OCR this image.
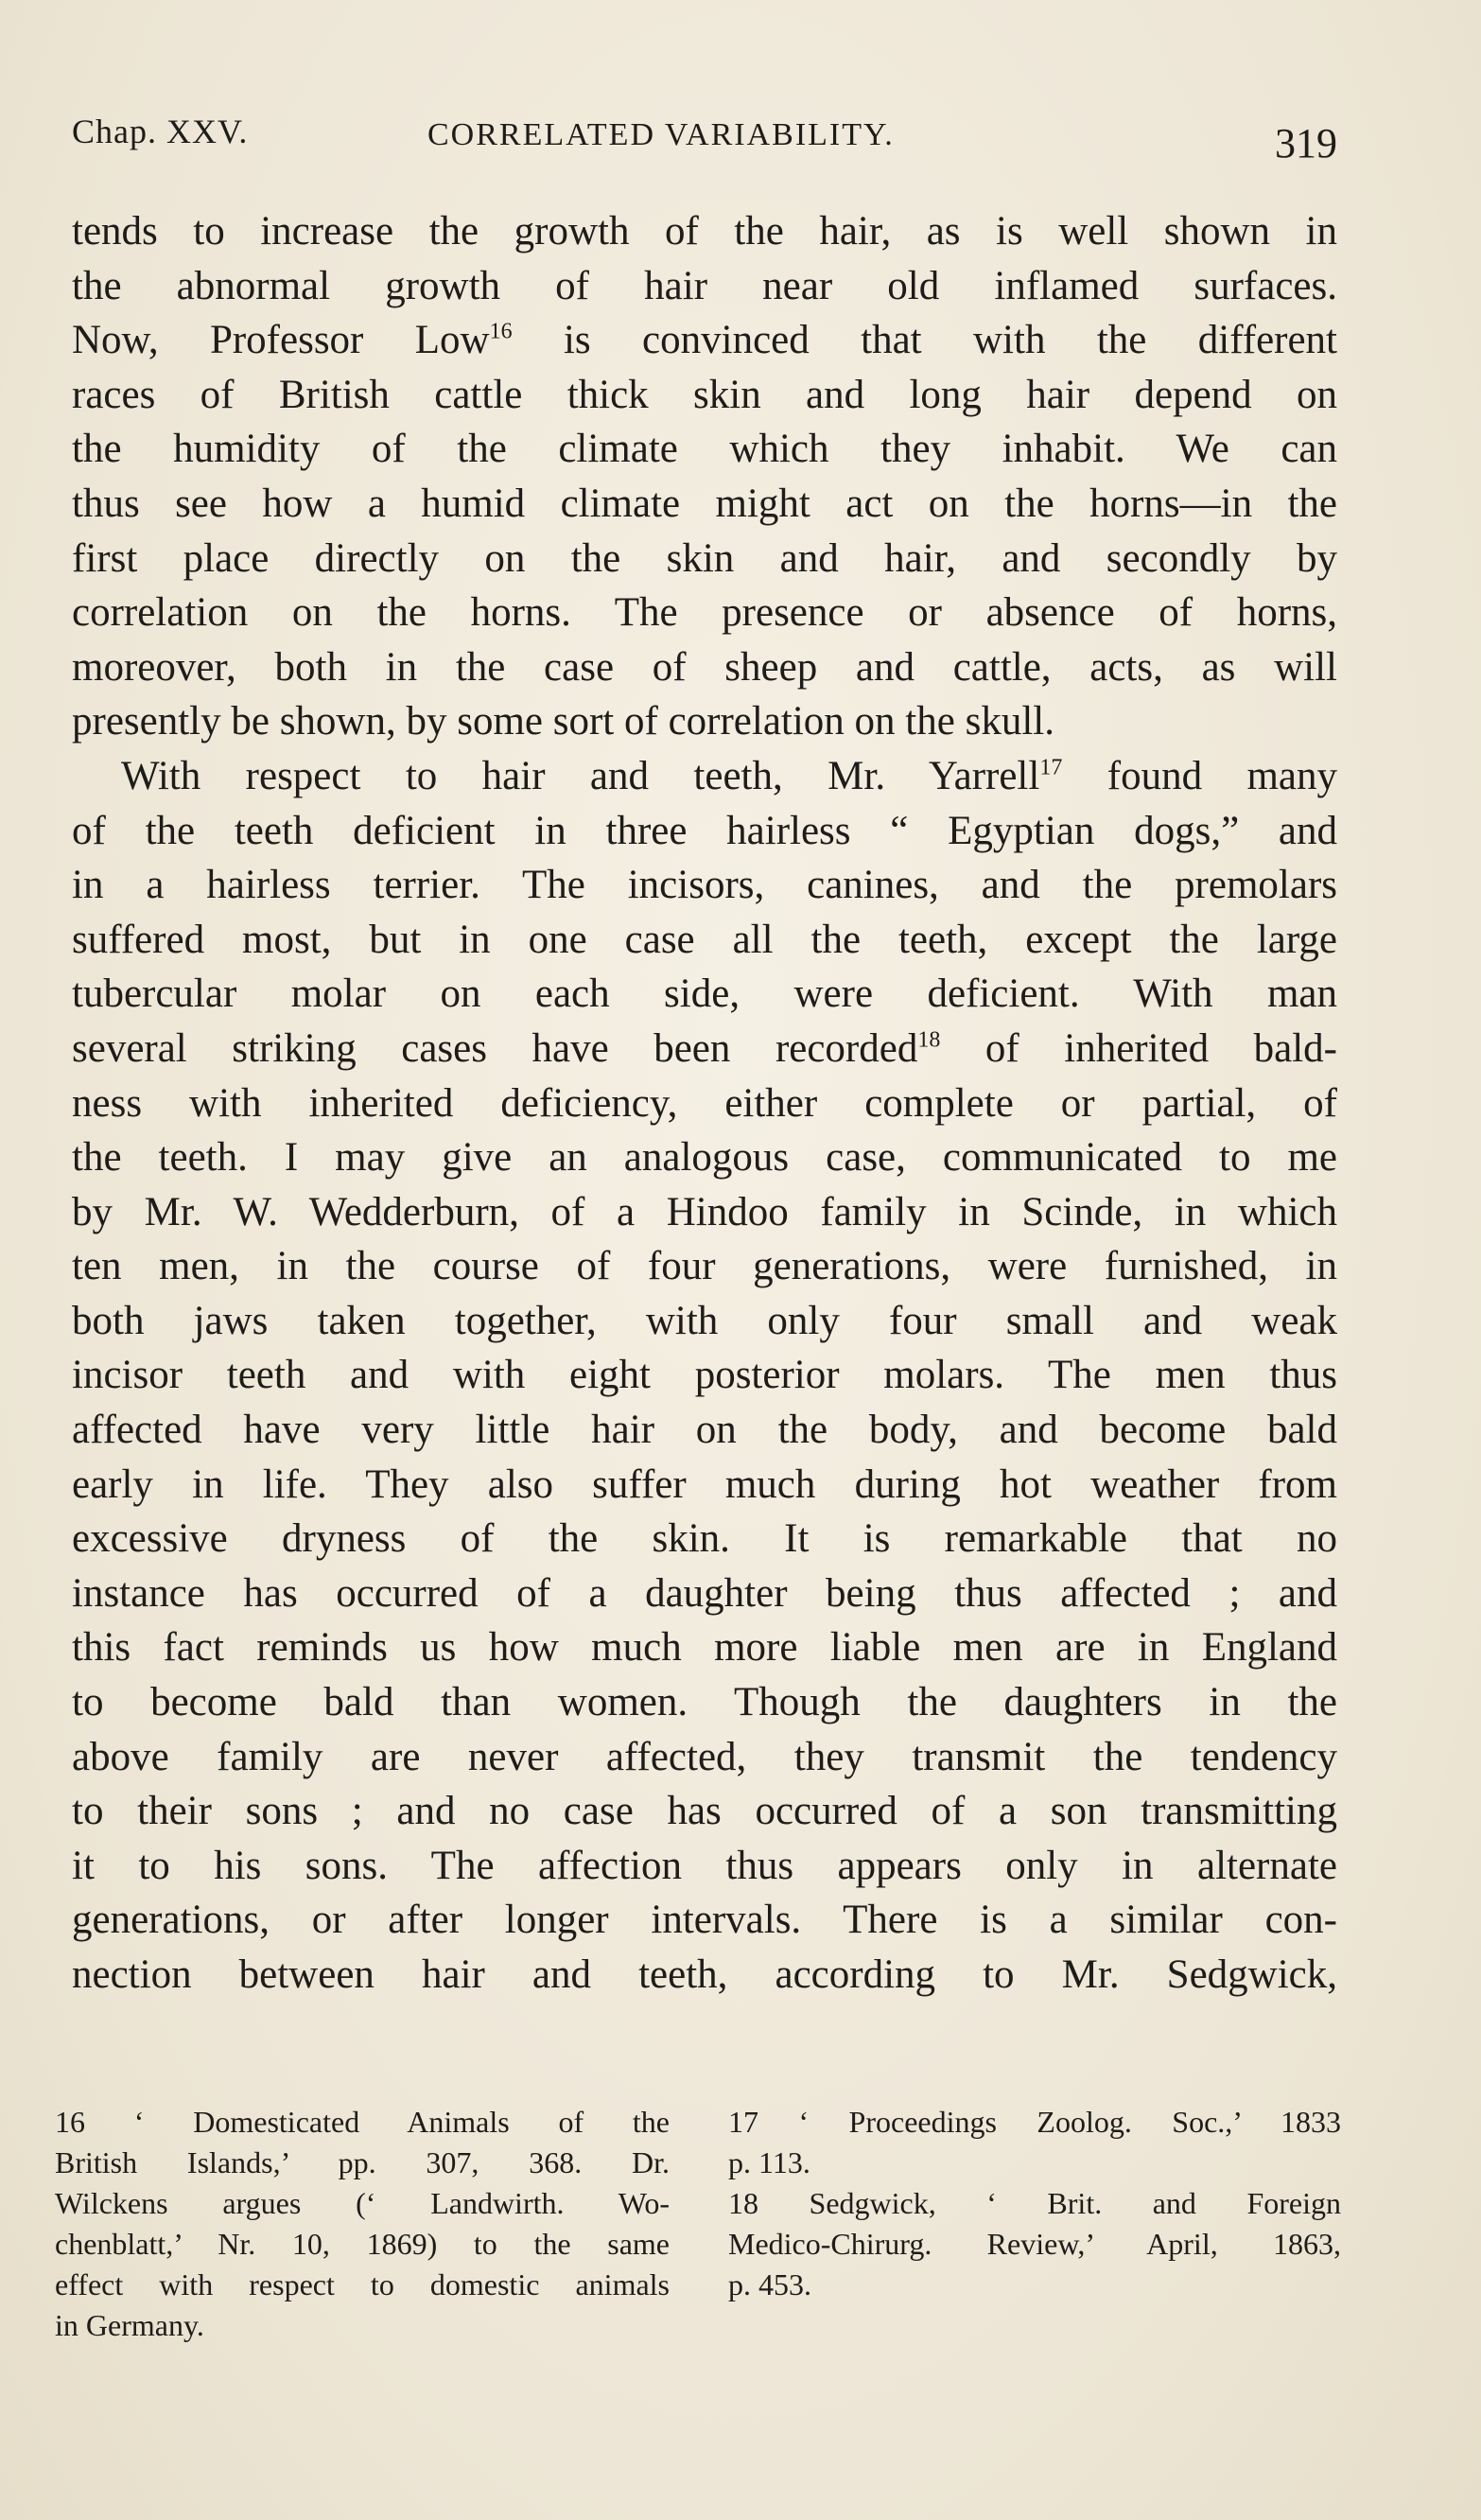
Chap. XXV.	CORRELATED VARIABILITY.	319
tends to increase the growth of the hair, as is well shown in
the abnormal growth of hair near old inflamed surfaces.
Now, Professor Low$^{16}$ is convinced that with the different
races of British cattle thick skin and long hair depend on
the humidity of the climate which they inhabit. We can
thus see how a humid climate might act on the horns—in the
first place directly on the skin and hair, and secondly by
correlation on the horns. The presence or absence of horns,
moreover, both in the case of sheep and cattle, acts, as will
presently be shown, by some sort of correlation on the skull.
With respect to hair and teeth, Mr. Yarrell$^{17}$ found many
of the teeth deficient in three hairless “ Egyptian dogs,” and
in a hairless terrier. The incisors, canines, and the premolars
suffered most, but in one case all the teeth, except the large
tubercular molar on each side, were deficient. With man
several striking cases have been recorded$^{18}$ of inherited bald-
ness with inherited deficiency, either complete or partial, of
the teeth. I may give an analogous case, communicated to me
by Mr. W. Wedderburn, of a Hindoo family in Scinde, in which
ten men, in the course of four generations, were furnished, in
both jaws taken together, with only four small and weak
incisor teeth and with eight posterior molars. The men thus
affected have very little hair on the body, and become bald
early in life. They also suffer much during hot weather from
excessive dryness of the skin. It is remarkable that no
instance has occurred of a daughter being thus affected ; and
this fact reminds us how much more liable men are in England
to become bald than women. Though the daughters in the
above family are never affected, they transmit the tendency
to their sons ; and no case has occurred of a son transmitting
it to his sons. The affection thus appears only in alternate
generations, or after longer intervals. There is a similar con-
nection between hair and teeth, according to Mr. Sedgwick,
16 ‘ Domesticated Animals of the
British Islands,’ pp. 307, 368. Dr.
Wilckens argues (‘ Landwirth. Wo-
chenblatt,’ Nr. 10, 1869) to the same
effect with respect to domestic animals
in Germany.
17 ‘ Proceedings Zoolog. Soc.,’ 1833
p. 113.
18 Sedgwick, ‘ Brit. and Foreign
Medico-Chirurg. Review,’ April, 1863,
p. 453.
